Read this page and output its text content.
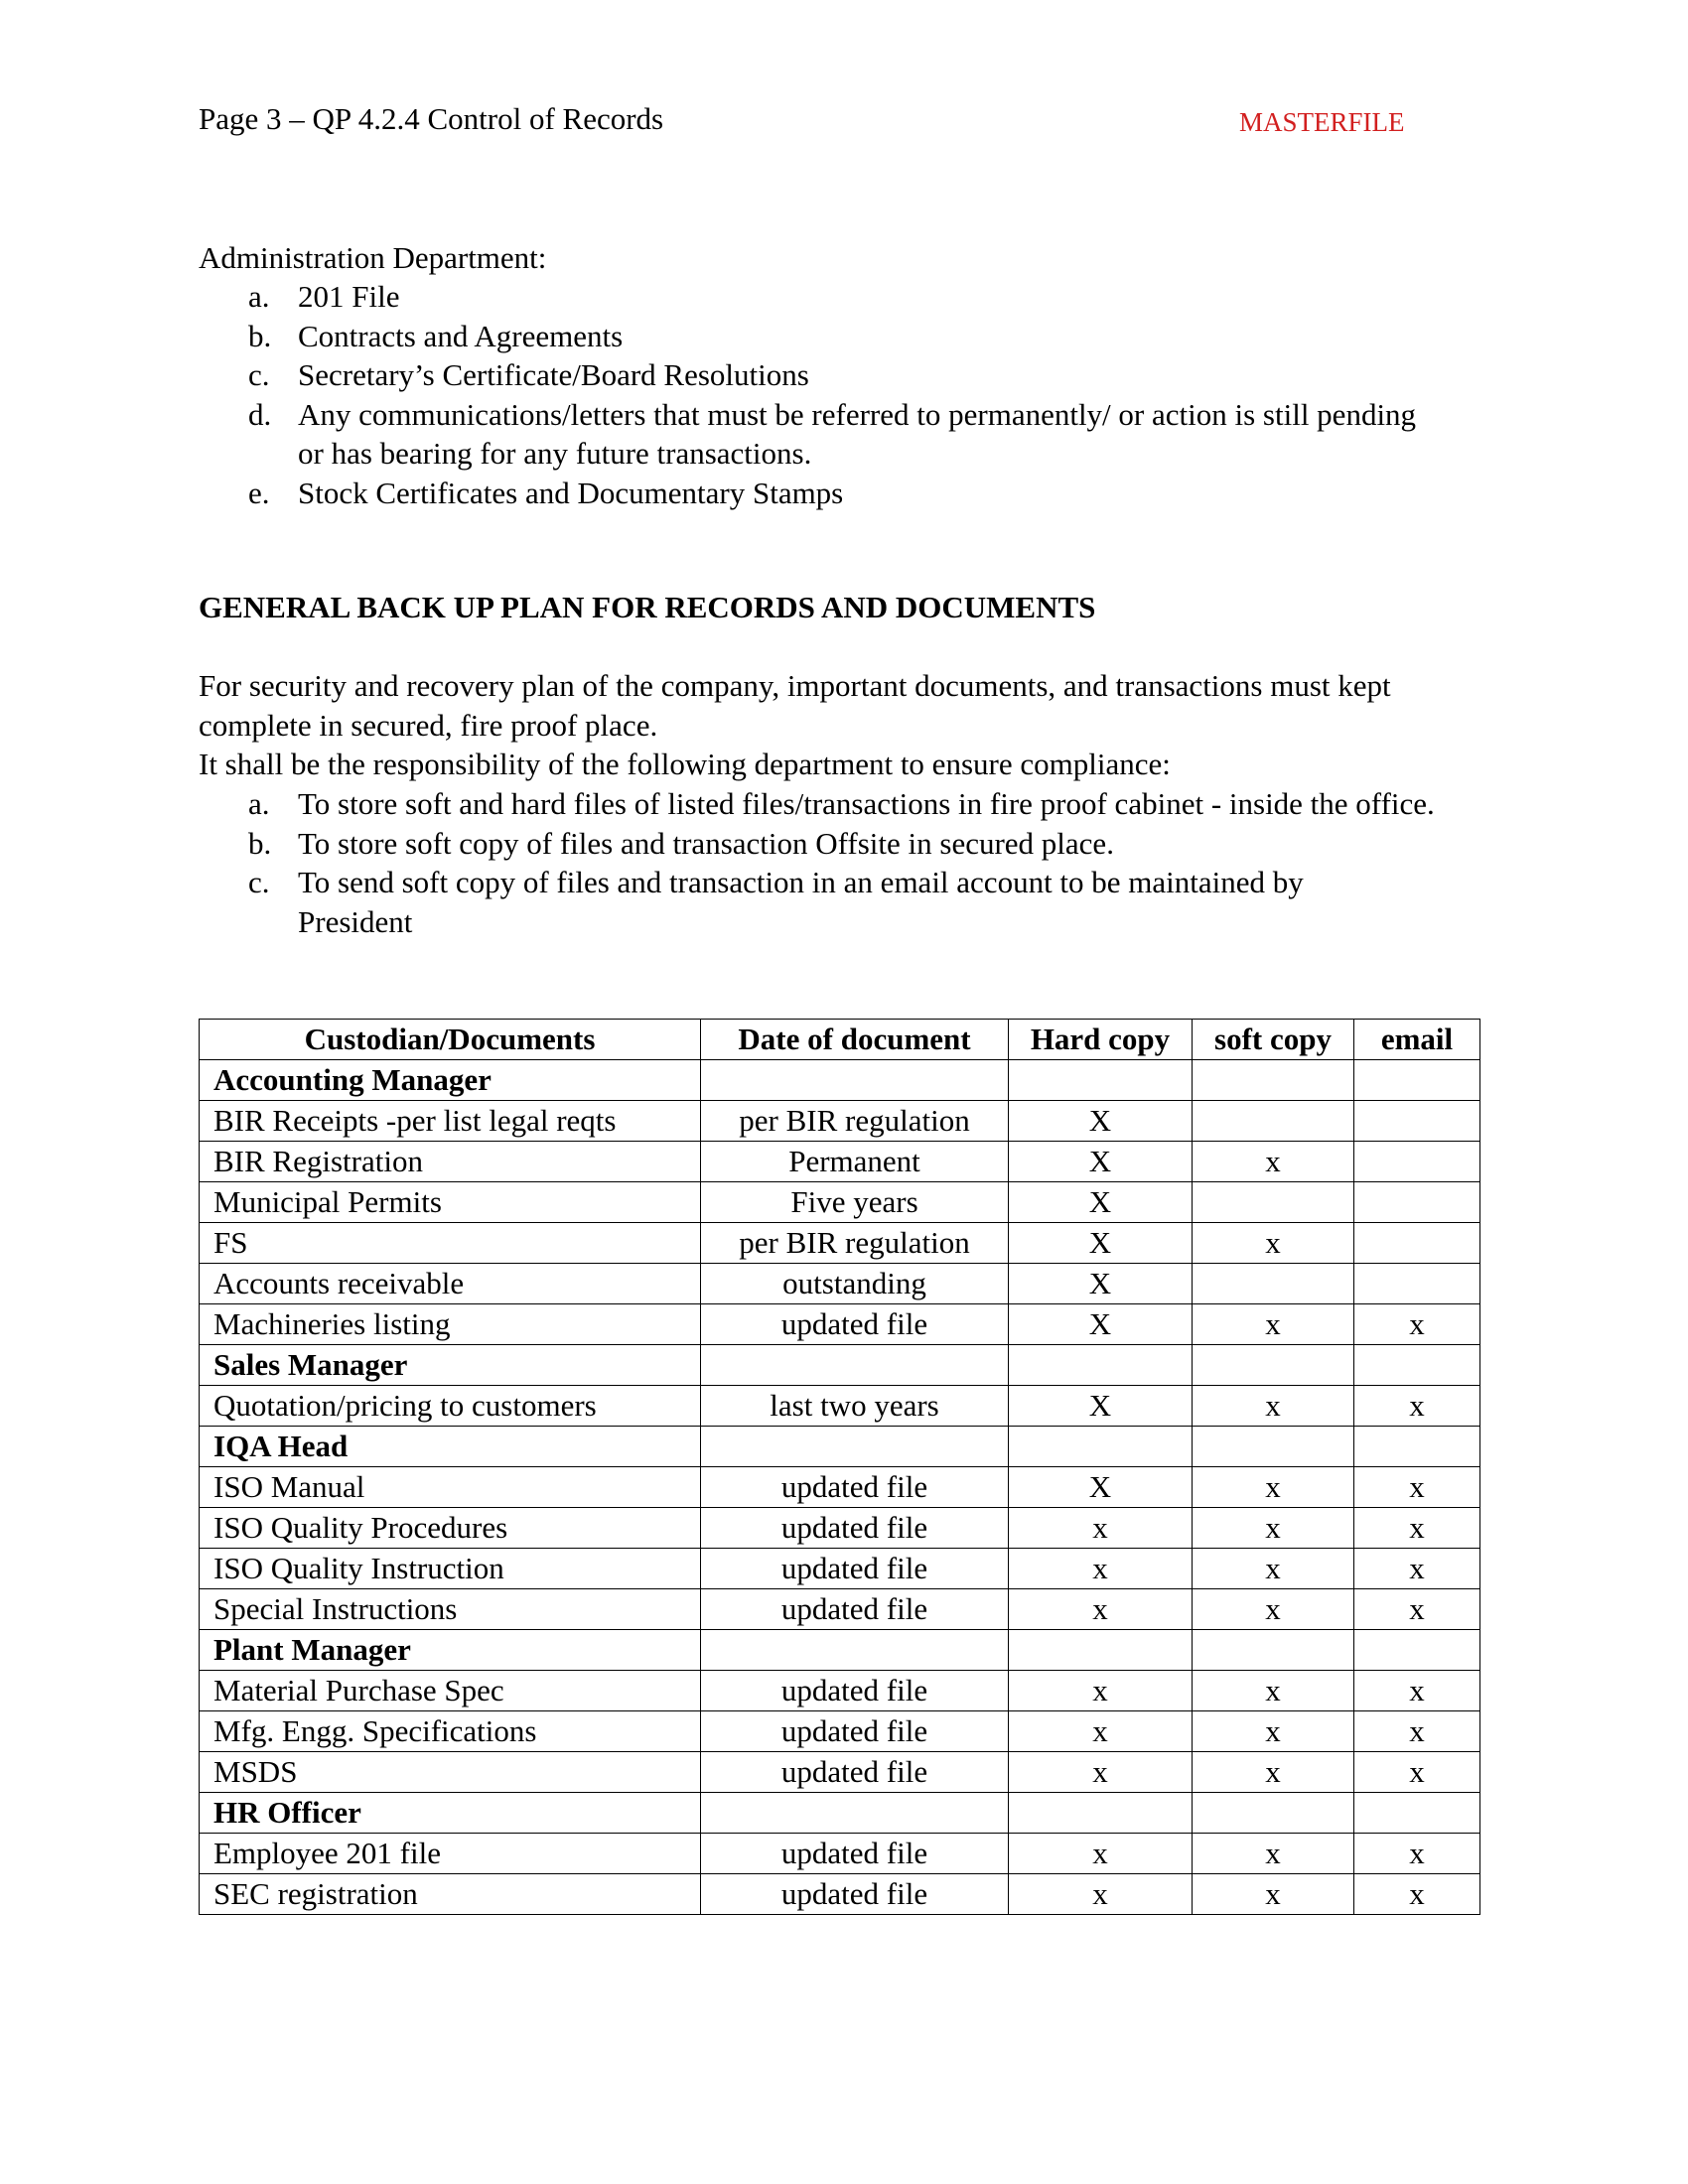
Page 3 – QP 4.2.4 Control of Records	MASTERFILE
Administration Department:
a. 201 File
b. Contracts and Agreements
c. Secretary’s Certificate/Board Resolutions
d. Any communications/letters that must be referred to permanently/ or action is still pending or has bearing for any future transactions.
e. Stock Certificates and Documentary Stamps
GENERAL BACK UP PLAN FOR RECORDS AND DOCUMENTS
For security and recovery plan of the company, important documents, and transactions must kept complete in secured, fire proof place.
It shall be the responsibility of the following department to ensure compliance:
a. To store soft and hard files of listed files/transactions in fire proof cabinet - inside the office.
b. To store soft copy of files and transaction Offsite in secured place.
c. To send soft copy of files and transaction in an email account to be maintained by President
Custodian/Documents	Date of document	Hard copy	soft copy	email
Accounting Manager				
BIR Receipts -per list legal reqts	per BIR regulation	X		
BIR Registration	Permanent	X	x	
Municipal Permits	Five years	X		
FS	per BIR regulation	X	x	
Accounts receivable	outstanding	X		
Machineries listing	updated file	X	x	x
Sales Manager				
Quotation/pricing to customers	last two years	X	x	x
IQA Head				
ISO Manual	updated file	X	x	x
ISO Quality Procedures	updated file	x	x	x
ISO Quality Instruction	updated file	x	x	x
Special Instructions	updated file	x	x	x
Plant Manager				
Material Purchase Spec	updated file	x	x	x
Mfg. Engg. Specifications	updated file	x	x	x
MSDS	updated file	x	x	x
HR Officer				
Employee 201 file	updated file	x	x	x
SEC registration	updated file	x	x	x
